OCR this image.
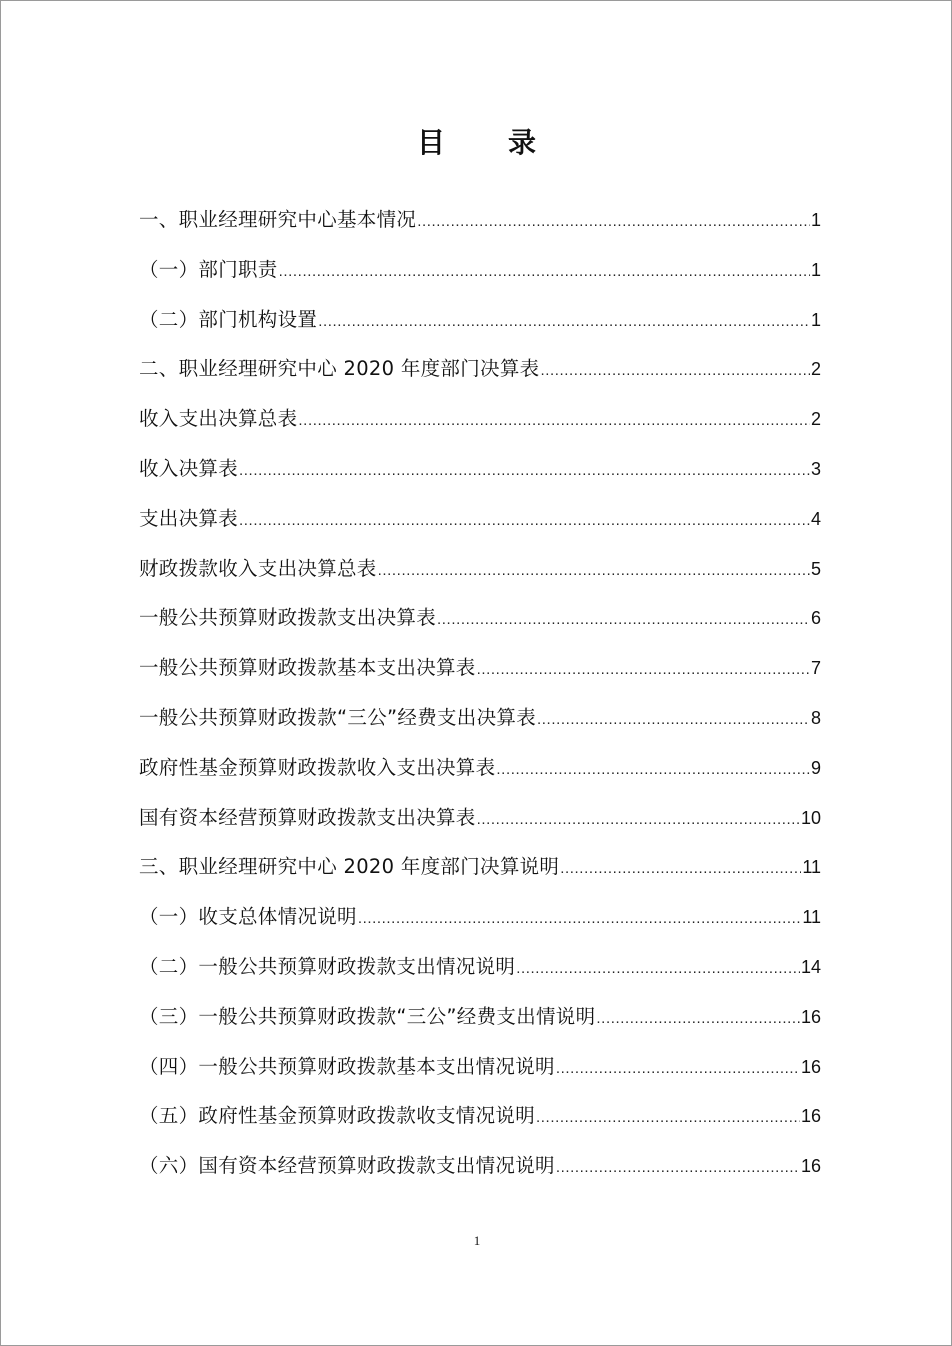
目 录
一、职业经理研究中心基本情况 .....	1
（一）部门职责 .....	1
（二）部门机构设置 .....	1
二、职业经理研究中心 2020 年度部门决算表 .....	2
收入支出决算总表 .....	2
收入决算表 .....	3
支出决算表 .....	4
财政拨款收入支出决算总表 .....	5
一般公共预算财政拨款支出决算表 .....	6
一般公共预算财政拨款基本支出决算表 .....	7
一般公共预算财政拨款“三公”经费支出决算表 .....	8
政府性基金预算财政拨款收入支出决算表 .....	9
国有资本经营预算财政拨款支出决算表 .....	10
三、职业经理研究中心 2020 年度部门决算说明 .....	11
（一）收支总体情况说明 .....	11
（二）一般公共预算财政拨款支出情况说明 .....	14
（三）一般公共预算财政拨款“三公”经费支出情说明 .....	16
（四）一般公共预算财政拨款基本支出情况说明 .....	16
（五）政府性基金预算财政拨款收支情况说明 .....	16
（六）国有资本经营预算财政拨款支出情况说明 .....	16
1
